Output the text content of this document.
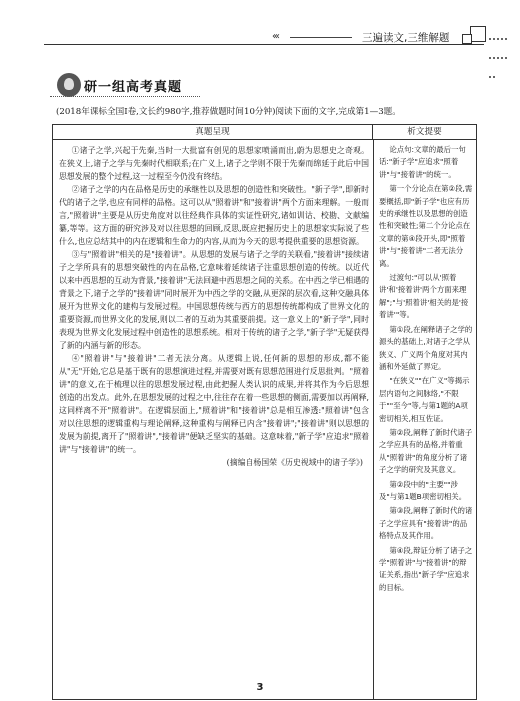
‹‹‹	三遍读文,三维解题
研一组高考真题
(2018年课标全国Ⅰ卷,文长约980字,推荐做题时间10分钟)阅读下面的文字,完成第1—3题。
真题呈现	析文提要

①诸子之学,兴起于先秦,当时一大批富有创见的思想家喷涌而出,蔚为思想史之奇观。在狭义上,诸子之学与先秦时代相联系;在广义上,诸子之学则不限于先秦而绵延于此后中国思想发展的整个过程,这一过程至今仍没有终结。

②诸子之学的内在品格是历史的承继性以及思想的创造性和突破性。"新子学",即新时代的诸子之学,也应有同样的品格。这可以从"照着讲"和"接着讲"两个方面来理解。一般而言,"照着讲"主要是从历史角度对以往经典作具体的实证性研究,诸如训诂、校勘、文献编纂,等等。这方面的研究涉及对以往思想的回顾,反思,既应把握历史上的思想家实际说了些什么,也应总结其中的内在逻辑和生命力的内容,从而为今天的思考提供重要的思想资源。

③与"照着讲"相关的是"接着讲"。从思想的发展与诸子之学的关联看,"接着讲"接续诸子之学所具有的思想突破性的内在品格,它意味着延续诸子注重思想创造的传统。以近代以来中西思想的互动为背景,"接着讲"无法回避中西思想之间的关系。在中西之学已相遇的背景之下,诸子之学的"接着讲"同时展开为中西之学的交融,从更深的层次看,这种交融具体展开为世界文化的建构与发展过程。中国思想传统与西方的思想传统都构成了世界文化的重要资源,而世界文化的发展,则以二者的互动为其重要前提。这一意义上的"新子学",同时表现为世界文化发展过程中创造性的思想系统。相对于传统的诸子之学,"新子学"无疑获得了新的内涵与新的形态。

④"照着讲"与"接着讲"二者无法分离。从逻辑上说,任何新的思想的形成,都不能从"无"开始,它总是基于既有的思想演进过程,并需要对既有思想范围进行反思批判。"照着讲"的意义,在于梳理以往的思想发展过程,由此把握人类认识的成果,并将其作为今后思想创造的出发点。此外,在思想发展的过程之中,往往存在着一些思想的侧面,需要加以再阐释,这同样离不开"照着讲"。在逻辑层面上,"照着讲"和"接着讲"总是相互渗透:"照着讲"包含对以往思想的逻辑重构与理论阐释,这种重构与阐释已内含"接着讲";"接着讲"则以思想的发展为前提,离开了"照着讲","接着讲"便缺乏坚实的基础。这意味着,"新子学"应追求"照着讲"与"接着讲"的统一。

(摘编自杨国荣《历史视域中的诸子学》)

论点句:文章的最后一句话:"新子学"应追求"照着讲"与"接着讲"的统一。

第一个分论点在第②段,需要概括,即"新子学"也应有历史的承继性以及思想的创造性和突破性;第二个分论点在文章的第④段开头,即"照着讲"与"接着讲"二者无法分离。

过渡句:"可以从'照着讲'和'接着讲'两个方面来理解";"与'照着讲'相关的是'接着讲'"等。

第①段,在阐释诸子之学的源头的基础上,对诸子之学从狭义、广义两个角度对其内涵和外延做了界定。

"在狭义""在广义"等揭示层内语句之间脉络,"不限于""至今"等,与第1题的A项密切相关,相互佐证。

第②段,阐释了新时代诸子之学应具有的品格,并着重从"照着讲"的角度分析了诸子之学的研究及其意义。

第②段中的"主要""涉及"与第1题B项密切相关。

第③段,阐释了新时代的诸子之学应具有"接着讲"的品格特点及其作用。

第④段,辩证分析了诸子之学"照着讲"与"接着讲"的辩证关系,指出"新子学"应追求的目标。

3
